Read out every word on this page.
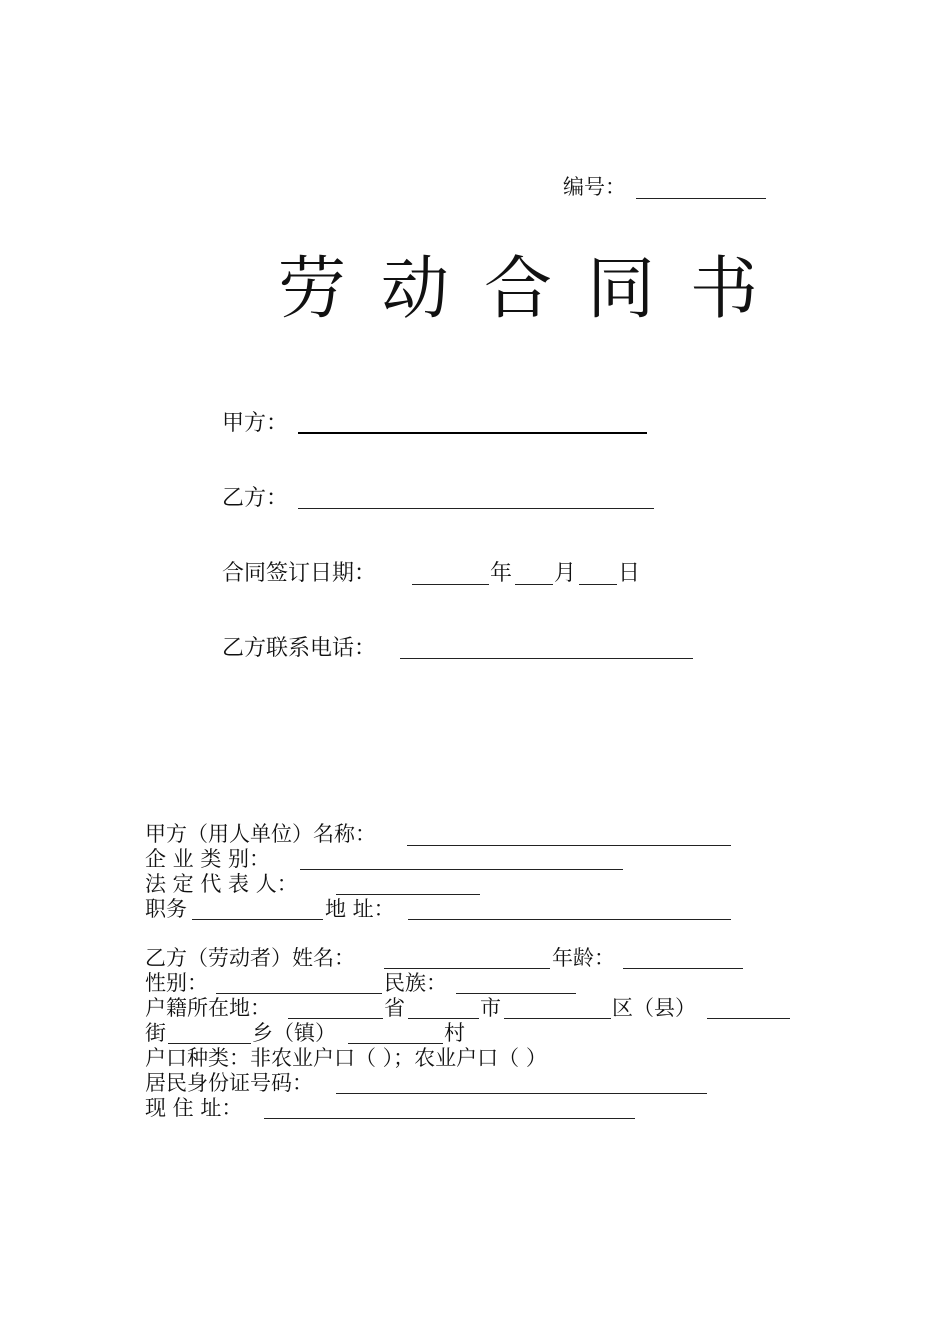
编号：
劳 动 合 同 书
甲方：
乙方：
合同签订日期：	年 月 日
乙方联系电话：
甲方（用人单位）名称：
企 业 类 别：
法 定 代 表 人：
职务	地 址：
乙方（劳动者）姓名：	年龄：
性别：	民族：
户籍所在地：	省	市	区（县）
街	乡（镇）	村
户口种类：非农业户口（ ）；农业户口（ ）
居民身份证号码：
现 住 址：
